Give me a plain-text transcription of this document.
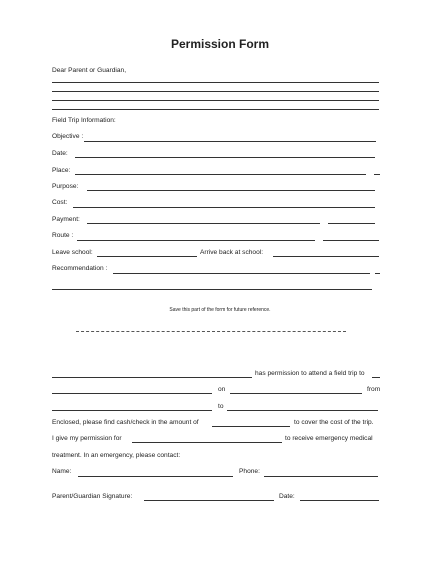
Permission Form
Dear Parent or Guardian,
Field Trip Information:
Objective :
Date:
Place:
Purpose:
Cost:
Payment:
Route :
Leave school:	Arrive back at school:
Recommendation :
Save this part of the form for future reference.
has permission to attend a field trip to
on	from
to
Enclosed, please find cash/check in the amount of	to cover the cost of the trip.
I give my permission for	to receive emergency medical
treatment. In an emergency, please contact:
Name:	Phone:
Parent/Guardian Signature:	Date:
